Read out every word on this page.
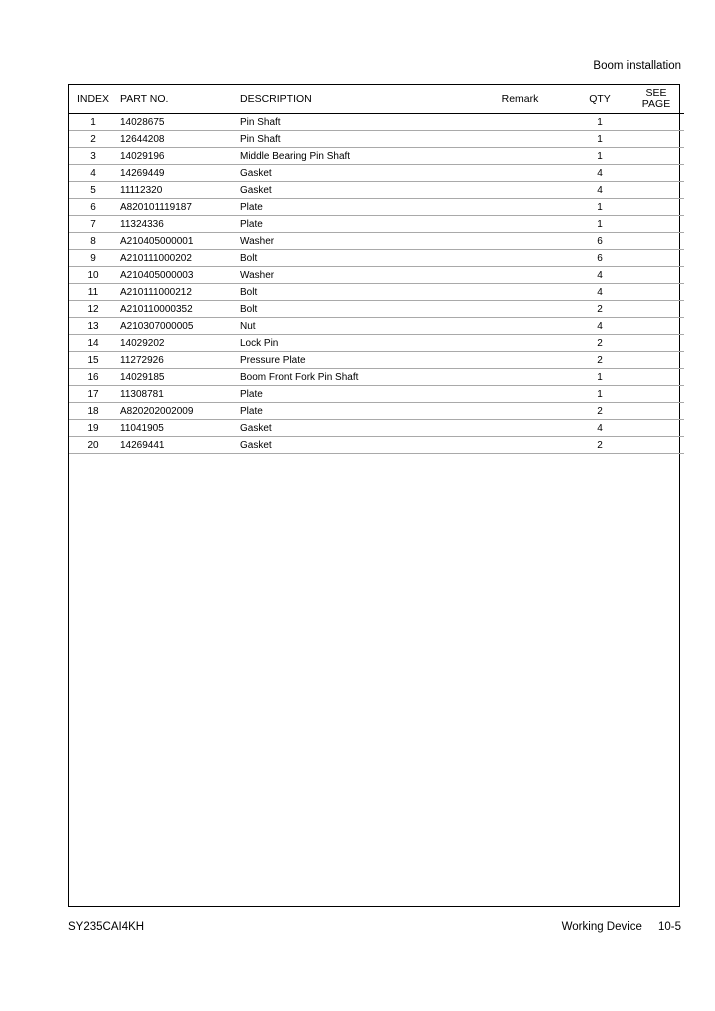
Boom installation
INDEX	PART NO.	DESCRIPTION	Remark	QTY	SEE
PAGE
1	14028675	Pin Shaft		1	
2	12644208	Pin Shaft		1	
3	14029196	Middle Bearing Pin Shaft		1	
4	14269449	Gasket		4	
5	11112320	Gasket		4	
6	A820101119187	Plate		1	
7	11324336	Plate		1	
8	A210405000001	Washer		6	
9	A210111000202	Bolt		6	
10	A210405000003	Washer		4	
11	A210111000212	Bolt		4	
12	A210110000352	Bolt		2	
13	A210307000005	Nut		4	
14	14029202	Lock Pin		2	
15	11272926	Pressure Plate		2	
16	14029185	Boom Front Fork Pin Shaft		1	
17	11308781	Plate		1	
18	A820202002009	Plate		2	
19	11041905	Gasket		4	
20	14269441	Gasket		2	
SY235CAI4KH	Working Device 10-5
